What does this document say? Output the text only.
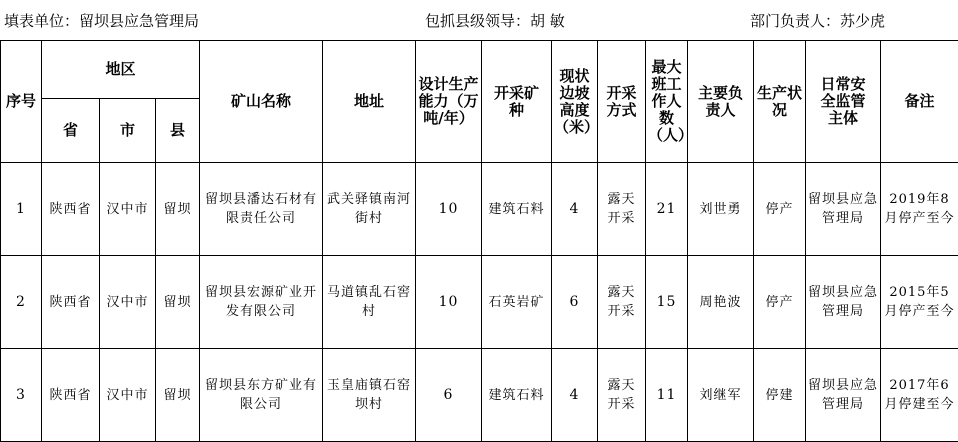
填表单位：留坝县应急管理局	包抓县级领导：胡 敏	部门负责人：苏少虎
序号	地区			矿山名称	地址	设计生产能力（万吨/年）	开采矿种	现状边坡高度（米）	开采方式	最大班工作人数（人）	主要负责人	生产状况	日常安全监管主体	备注
	省	市	县											
1	陕西省	汉中市	留坝	留坝县潘达石材有限责任公司	武关驿镇南河街村	10	建筑石料	4	露天开采	21	刘世勇	停产	留坝县应急管理局	2019年8月停产至今
2	陕西省	汉中市	留坝	留坝县宏源矿业开发有限公司	马道镇乱石窖村	10	石英岩矿	6	露天开采	15	周艳波	停产	留坝县应急管理局	2015年5月停产至今
3	陕西省	汉中市	留坝	留坝县东方矿业有限公司	玉皇庙镇石窑坝村	6	建筑石料	4	露天开采	11	刘继军	停建	留坝县应急管理局	2017年6月停建至今
